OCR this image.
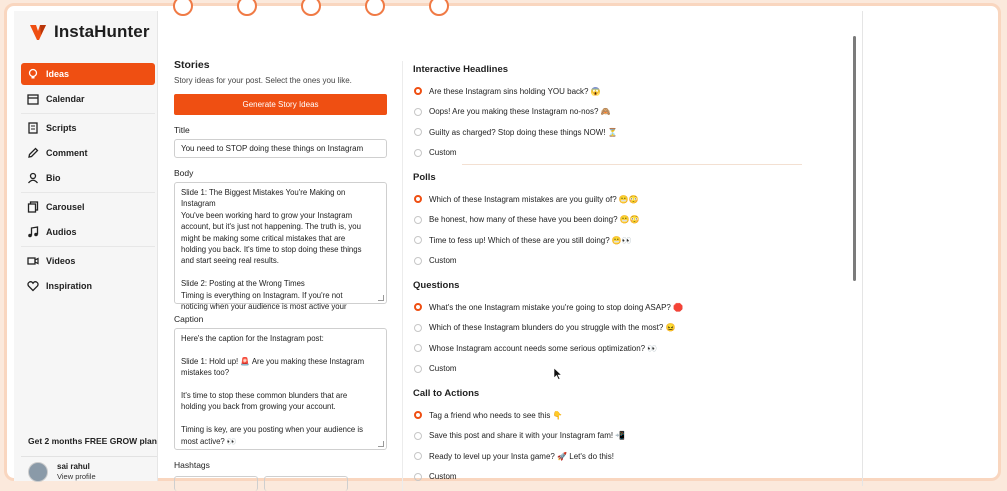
InstaHunter
Ideas
Calendar
Scripts
Comment
Bio
Carousel
Audios
Videos
Inspiration
Get 2 months FREE GROW plan
sai rahul
View profile
Stories
Story ideas for your post. Select the ones you like.
Generate Story Ideas
Title
You need to STOP doing these things on Instagram
Body
Slide 1: The Biggest Mistakes You're Making on
Instagram
You've been working hard to grow your Instagram
account, but it's just not happening. The truth is, you
might be making some critical mistakes that are
holding you back. It's time to stop doing these things
and start seeing real results.
Slide 2: Posting at the Wrong Times
Timing is everything on Instagram. If you're not
noticing when your audience is most active your
Caption
Here's the caption for the Instagram post:
Slide 1: Hold up! 🚨 Are you making these Instagram
mistakes too?
It's time to stop these common blunders that are
holding you back from growing your account.
Timing is key, are you posting when your audience is
most active? 👀
Hashtags
Interactive Headlines
Are these Instagram sins holding YOU back? 😱
Oops! Are you making these Instagram no-nos? 🙈
Guilty as charged? Stop doing these things NOW! ⏳
Custom
Polls
Which of these Instagram mistakes are you guilty of? 😬😳
Be honest, how many of these have you been doing? 😬😳
Time to fess up! Which of these are you still doing? 😬👀
Custom
Questions
What's the one Instagram mistake you're going to stop doing ASAP? 🛑
Which of these Instagram blunders do you struggle with the most? 😖
Whose Instagram account needs some serious optimization? 👀
Custom
Call to Actions
Tag a friend who needs to see this 👇
Save this post and share it with your Instagram fam! 📲
Ready to level up your Insta game? 🚀 Let's do this!
Custom
